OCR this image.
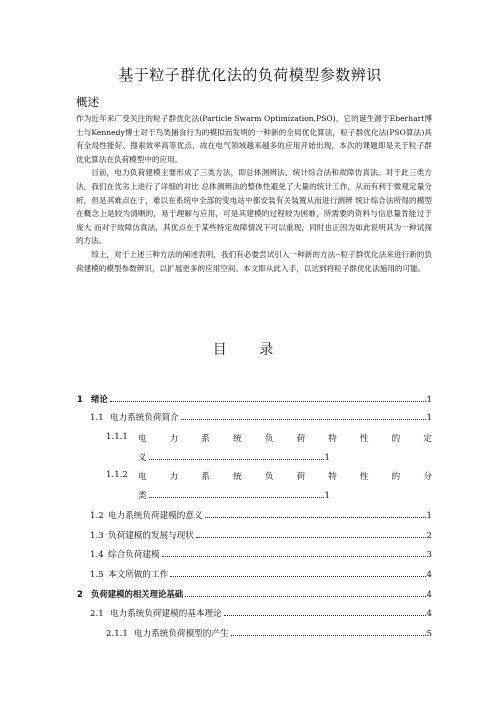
基于粒子群优化法的负荷模型参数辨识
概述

作为近年来广受关注的粒子群优化法(Particle Swarm Optimization,PSO)，它的诞生源于Eberhart博士与Kennedy博士对于鸟类捕食行为的模拟而发明的一种新的全局优化算法，粒子群优化法(PSO算法)具有全局性能好、搜索效率高等优点，故在电气领域越来越多的应用开始出现，本次的课题即是关于粒子群优化算法在负荷模型中的应用。

目前，电力负荷建模主要形成了三类方法，即总体测辨法、统计综合法和故障仿真法。对于此三类方法，我们在优劣上进行了详细的对比 总体测辨法的整体性避免了大量的统计工作，从而有利于微观定量分析，但是其难点在于，难以在系统中全部的变电站中都安装有关装置从而进行测辨 统计综合法所得的模型在概念上是较为清晰的，易于理解与应用，可是其建模的过程较为困难，所需要的资料与信息量肯能过于庞大 而对于故障仿真法，其优点在于某些特定故障情况下可以重现，同时也正因为如此说明其为一种试探的方法。

综上，对于上述三种方法的阐述表明，我们有必要尝试引入一种新的方法--粒子群优化法来进行新的负荷建模的模型参数辨识，以扩展更多的应用空间。本文即从此入手，以达到将粒子群优化法施用的可能。

目 录
1 绪论	1
1.1 电力系统负荷简介	1
1.1.1 电	力	系	统	负	荷	特	性	的	定
义	1
1.1.2 电	力	系	统	负	荷	特	性	的	分
类	1
1.2 电力系统负荷建模的意义	1
1.3 负荷建模的发展与现状	2
1.4 综合负荷建模	3
1.5 本文所做的工作	4
2 负荷建模的相关理论基础	4
2.1 电力系统负荷建模的基本理论	4
2.1.1 电力系统负荷模型的产生	5
